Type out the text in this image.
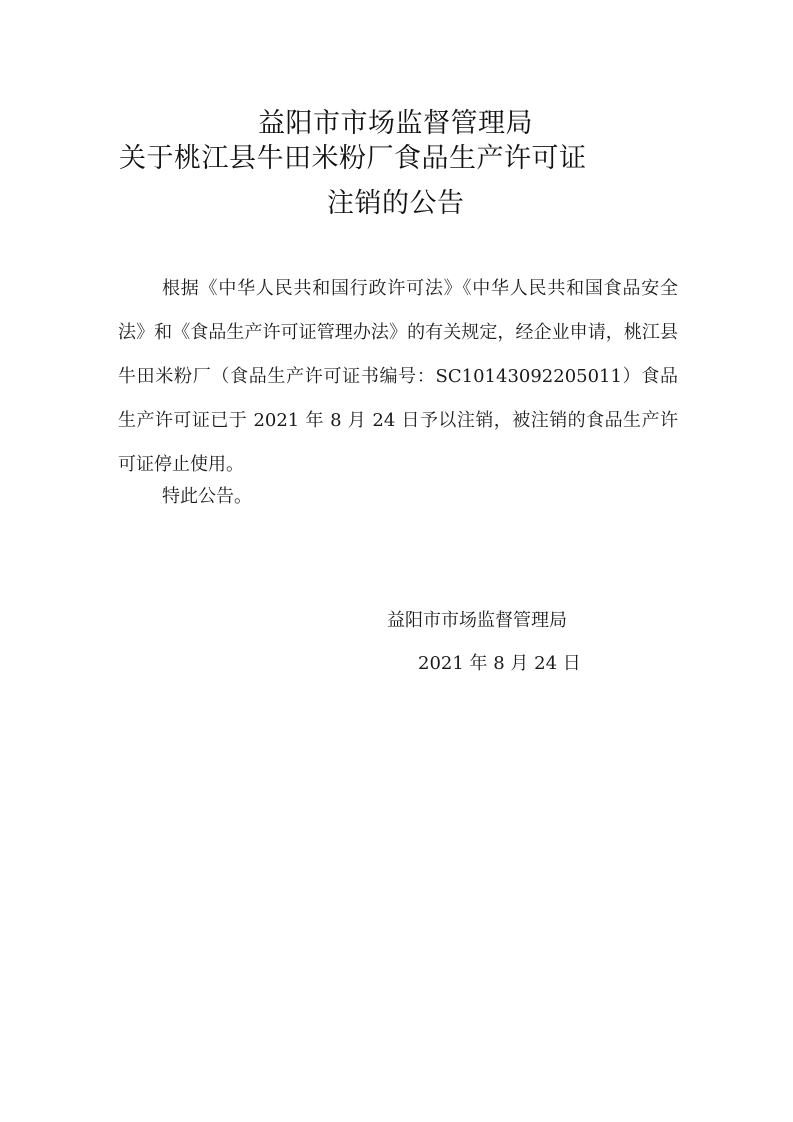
益阳市市场监督管理局
关于桃江县牛田米粉厂食品生产许可证
注销的公告
根据《中华人民共和国行政许可法》《中华人民共和国食品安全法》和《食品生产许可证管理办法》的有关规定，经企业申请，桃江县牛田米粉厂（食品生产许可证书编号：SC10143092205011）食品生产许可证已于 2021 年 8 月 24 日予以注销，被注销的食品生产许可证停止使用。
特此公告。
益阳市市场监督管理局
2021 年 8 月 24 日
